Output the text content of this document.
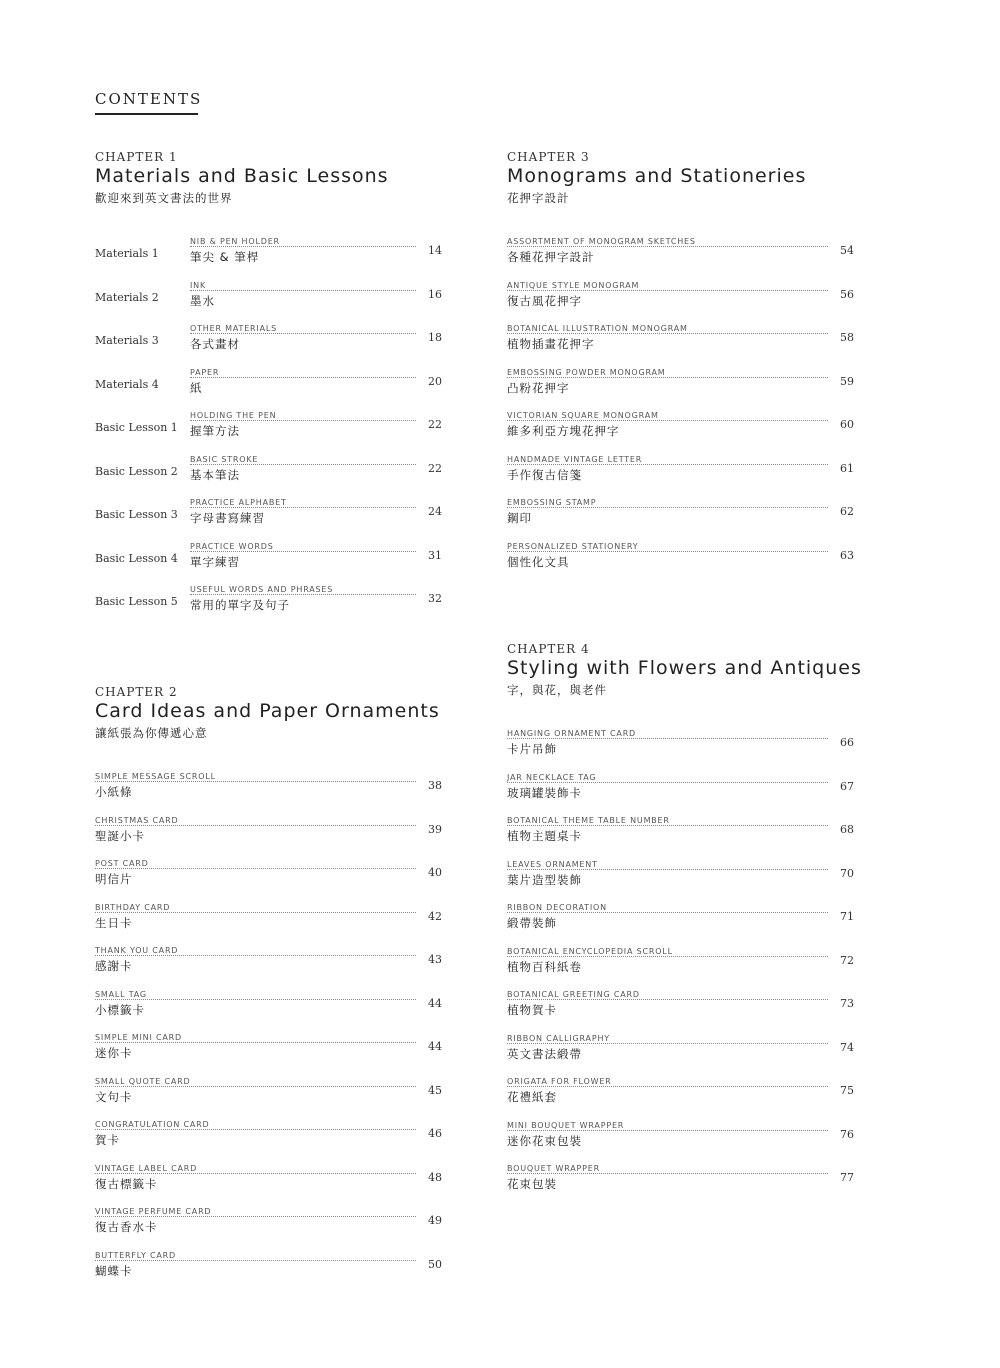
CONTENTS
CHAPTER 1
Materials and Basic Lessons
歡迎來到英文書法的世界
Materials 1
NIB & PEN HOLDER
筆尖 & 筆桿	14
Materials 2
INK
墨水	16
Materials 3
OTHER MATERIALS
各式畫材	18
Materials 4
PAPER
紙	20
Basic Lesson 1
HOLDING THE PEN
握筆方法	22
Basic Lesson 2
BASIC STROKE
基本筆法	22
Basic Lesson 3
PRACTICE ALPHABET
字母書寫練習	24
Basic Lesson 4
PRACTICE WORDS
單字練習	31
Basic Lesson 5
USEFUL WORDS AND PHRASES
常用的單字及句子	32
CHAPTER 2
Card Ideas and Paper Ornaments
讓紙張為你傳遞心意
SIMPLE MESSAGE SCROLL
小紙條	38
CHRISTMAS CARD
聖誕小卡	39
POST CARD
明信片	40
BIRTHDAY CARD
生日卡	42
THANK YOU CARD
感謝卡	43
SMALL TAG
小標籤卡	44
SIMPLE MINI CARD
迷你卡	44
SMALL QUOTE CARD
文句卡	45
CONGRATULATION CARD
賀卡	46
VINTAGE LABEL CARD
復古標籤卡	48
VINTAGE PERFUME CARD
復古香水卡	49
BUTTERFLY CARD
蝴蝶卡	50
CHAPTER 3
Monograms and Stationeries
花押字設計
ASSORTMENT OF MONOGRAM SKETCHES
各種花押字設計	54
ANTIQUE STYLE MONOGRAM
復古風花押字	56
BOTANICAL ILLUSTRATION MONOGRAM
植物插畫花押字	58
EMBOSSING POWDER MONOGRAM
凸粉花押字	59
VICTORIAN SQUARE MONOGRAM
維多利亞方塊花押字	60
HANDMADE VINTAGE LETTER
手作復古信箋	61
EMBOSSING STAMP
鋼印	62
PERSONALIZED STATIONERY
個性化文具	63
CHAPTER 4
Styling with Flowers and Antiques
字，與花，與老件
HANGING ORNAMENT CARD
卡片吊飾	66
JAR NECKLACE TAG
玻璃罐裝飾卡	67
BOTANICAL THEME TABLE NUMBER
植物主題桌卡	68
LEAVES ORNAMENT
葉片造型裝飾	70
RIBBON DECORATION
緞帶裝飾	71
BOTANICAL ENCYCLOPEDIA SCROLL
植物百科紙卷	72
BOTANICAL GREETING CARD
植物賀卡	73
RIBBON CALLIGRAPHY
英文書法緞帶	74
ORIGATA FOR FLOWER
花禮紙套	75
MINI BOUQUET WRAPPER
迷你花束包裝	76
BOUQUET WRAPPER
花束包裝	77
